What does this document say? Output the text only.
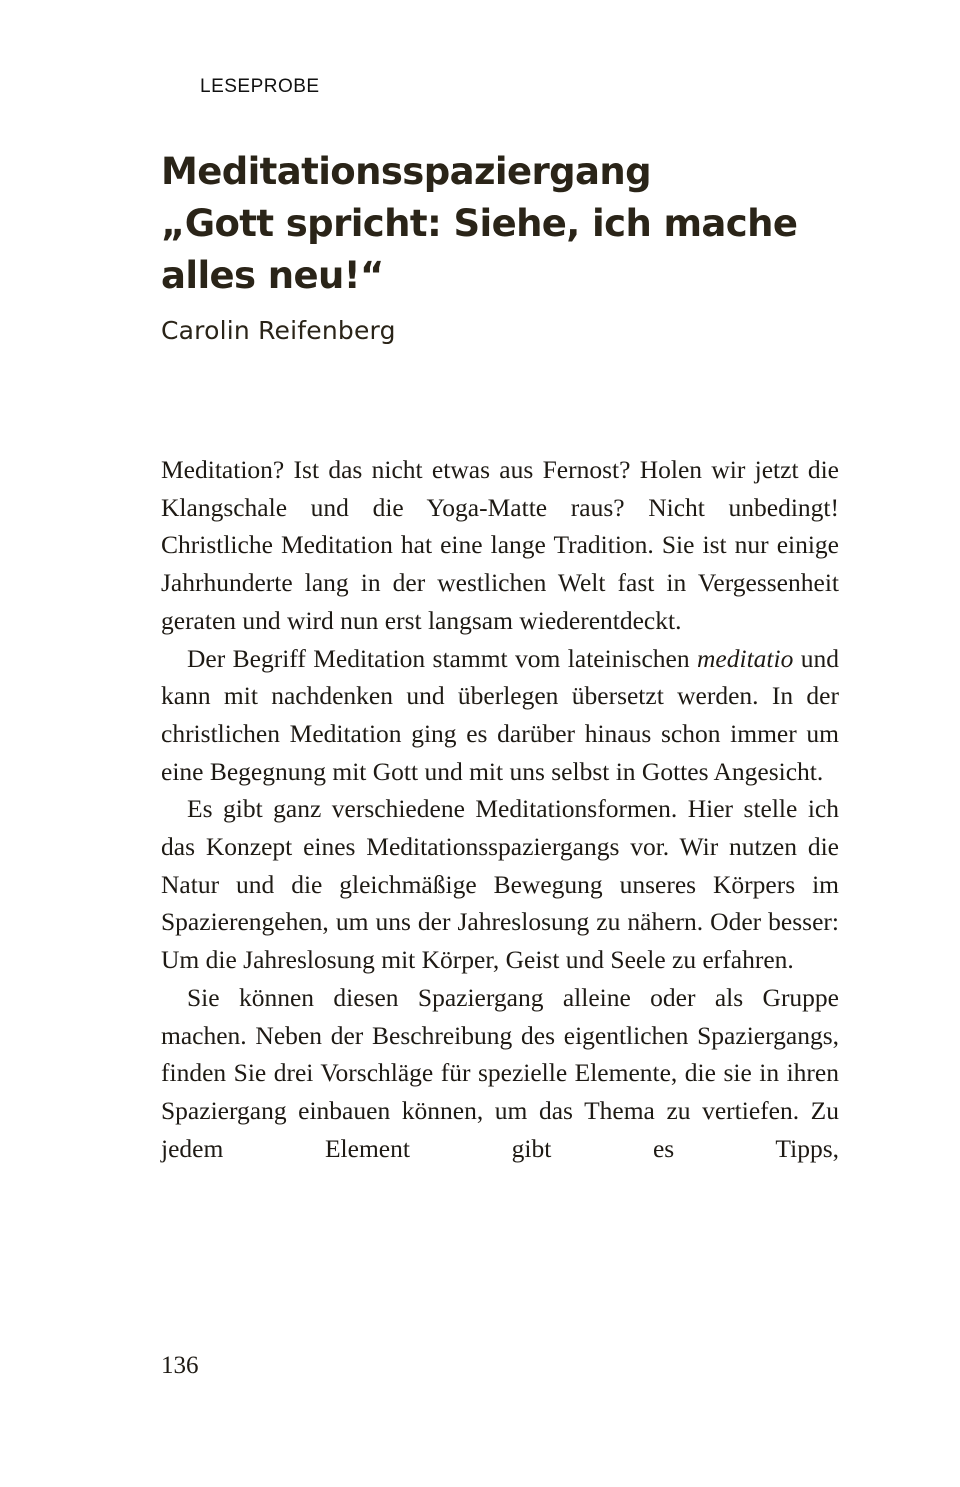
LESEPROBE
Meditationsspaziergang
„Gott spricht: Siehe, ich mache
alles neu!“
Carolin Reifenberg

Meditation? Ist das nicht etwas aus Fernost? Holen wir jetzt die Klangschale und die Yoga-Matte raus? Nicht unbedingt! Christliche Meditation hat eine lange Tradition. Sie ist nur einige Jahrhunderte lang in der westlichen Welt fast in Vergessenheit geraten und wird nun erst langsam wiederentdeckt.

Der Begriff Meditation stammt vom lateinischen meditatio und kann mit nachdenken und überlegen übersetzt werden. In der christlichen Meditation ging es darüber hinaus schon immer um eine Begegnung mit Gott und mit uns selbst in Gottes Angesicht.

Es gibt ganz verschiedene Meditationsformen. Hier stelle ich das Konzept eines Meditationsspaziergangs vor. Wir nutzen die Natur und die gleichmäßige Bewegung unseres Körpers im Spazierengehen, um uns der Jahreslosung zu nähern. Oder besser: Um die Jahreslosung mit Körper, Geist und Seele zu erfahren.

Sie können diesen Spaziergang alleine oder als Gruppe machen. Neben der Beschreibung des eigentlichen Spaziergangs, finden Sie drei Vorschläge für spezielle Elemente, die sie in ihren Spaziergang einbauen können, um das Thema zu vertiefen. Zu jedem Element gibt es Tipps,

136
